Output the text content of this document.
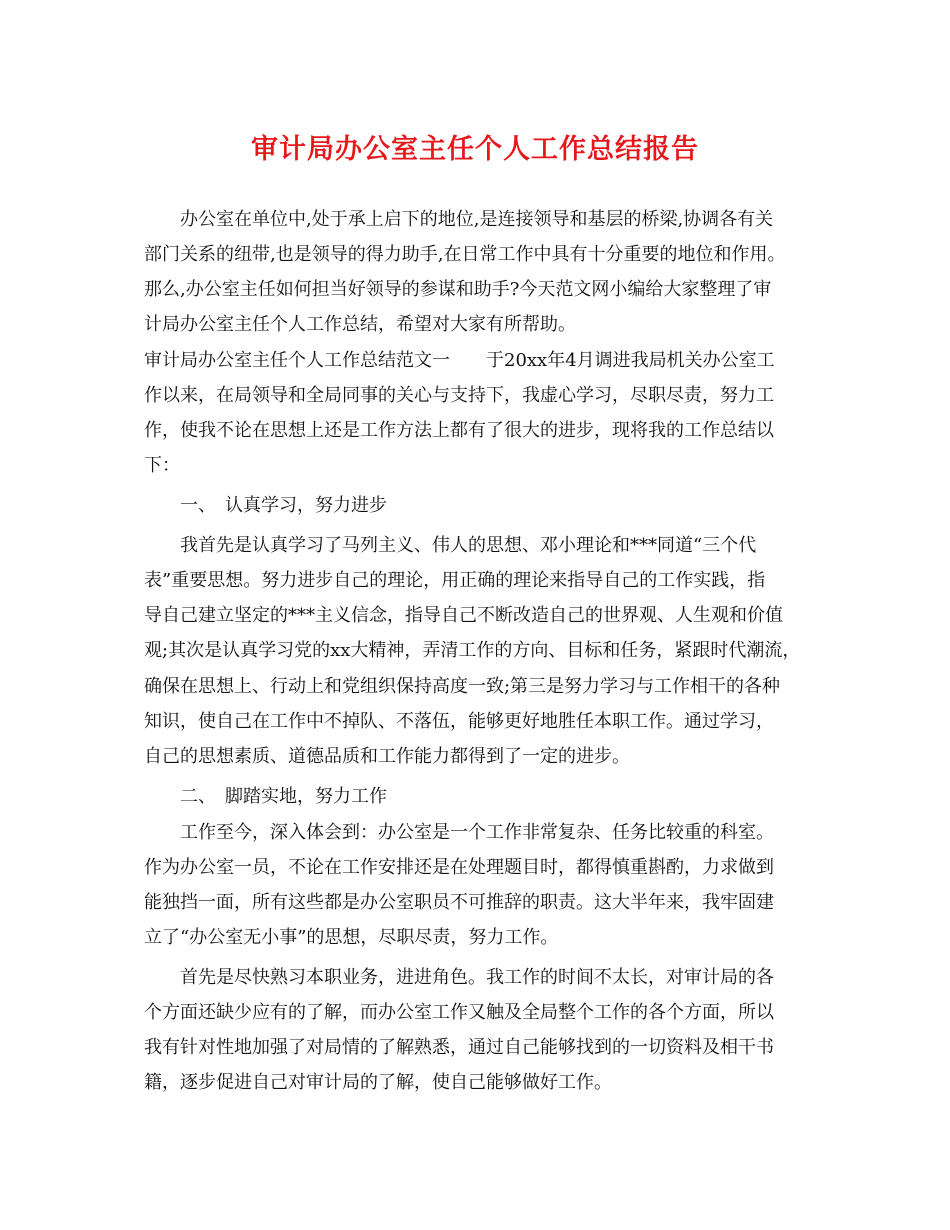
审计局办公室主任个人工作总结报告
办公室在单位中,处于承上启下的地位,是连接领导和基层的桥梁,协调各有关
部门关系的纽带,也是领导的得力助手,在日常工作中具有十分重要的地位和作用。
那么,办公室主任如何担当好领导的参谋和助手?今天范文网小编给大家整理了审
计局办公室主任个人工作总结，希望对大家有所帮助。
审计局办公室主任个人工作总结范文一　　于20xx年4月调进我局机关办公室工
作以来，在局领导和全局同事的关心与支持下，我虚心学习，尽职尽责，努力工
作，使我不论在思想上还是工作方法上都有了很大的进步，现将我的工作总结以
下：
一、　认真学习，努力进步
我首先是认真学习了马列主义、伟人的思想、邓小理论和***同道“三个代
表”重要思想。努力进步自己的理论，用正确的理论来指导自己的工作实践，指
导自己建立坚定的***主义信念，指导自己不断改造自己的世界观、人生观和价值
观;其次是认真学习党的xx大精神，弄清工作的方向、目标和任务，紧跟时代潮流，
确保在思想上、行动上和党组织保持高度一致;第三是努力学习与工作相干的各种
知识，使自己在工作中不掉队、不落伍，能够更好地胜任本职工作。通过学习，
自己的思想素质、道德品质和工作能力都得到了一定的进步。
二、　脚踏实地，努力工作
工作至今，深入体会到：办公室是一个工作非常复杂、任务比较重的科室。
作为办公室一员，不论在工作安排还是在处理题目时，都得慎重斟酌，力求做到
能独挡一面，所有这些都是办公室职员不可推辞的职责。这大半年来，我牢固建
立了“办公室无小事”的思想，尽职尽责，努力工作。
首先是尽快熟习本职业务，进进角色。我工作的时间不太长，对审计局的各
个方面还缺少应有的了解，而办公室工作又触及全局整个工作的各个方面，所以
我有针对性地加强了对局情的了解熟悉，通过自己能够找到的一切资料及相干书
籍，逐步促进自己对审计局的了解，使自己能够做好工作。
